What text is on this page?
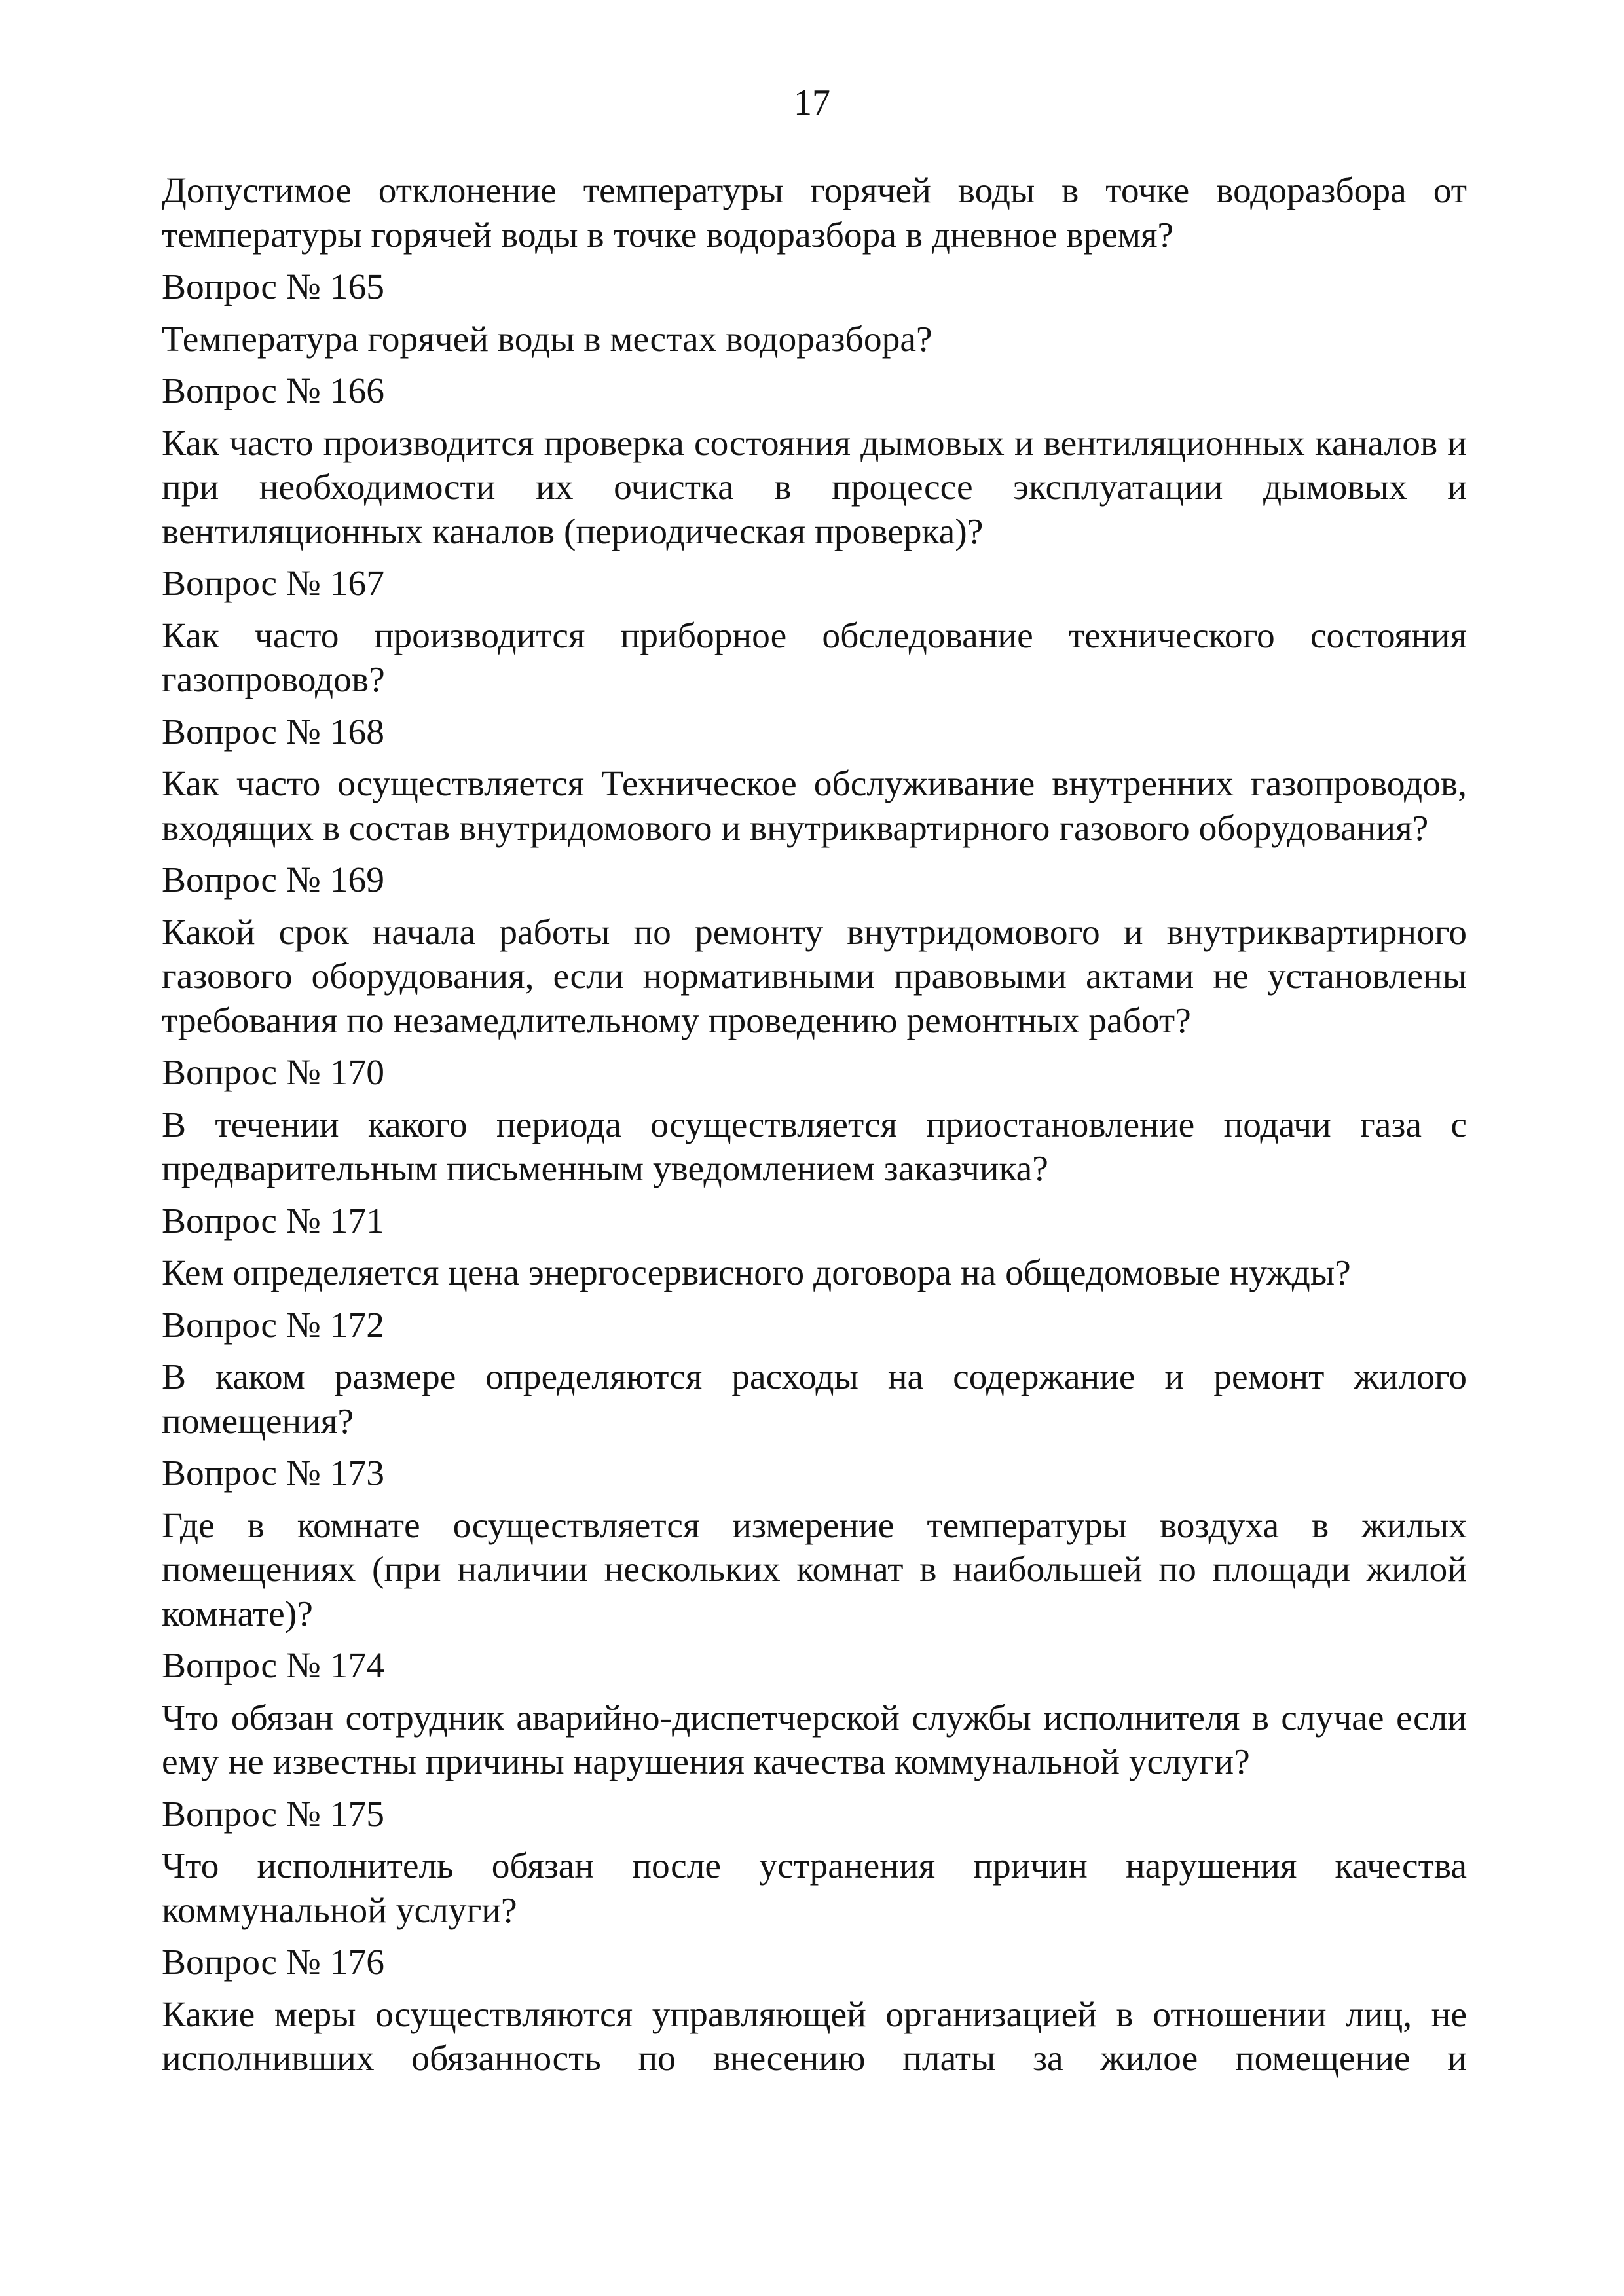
17
Допустимое отклонение температуры горячей воды в точке водоразбора от температуры горячей воды в точке водоразбора в дневное время?
Вопрос № 165
Температура горячей воды в местах водоразбора?
Вопрос № 166
Как часто производится проверка состояния дымовых и вентиляционных каналов и при необходимости их очистка в процессе эксплуатации дымовых и вентиляционных каналов (периодическая проверка)?
Вопрос № 167
Как часто производится приборное обследование технического состояния газопроводов?
Вопрос № 168
Как часто осуществляется Техническое обслуживание внутренних газопроводов, входящих в состав внутридомового и внутриквартирного газового оборудования?
Вопрос № 169
Какой срок начала работы по ремонту внутридомового и внутриквартирного газового оборудования, если нормативными правовыми актами не установлены требования по незамедлительному проведению ремонтных работ?
Вопрос № 170
В течении какого периода осуществляется приостановление подачи газа с предварительным письменным уведомлением заказчика?
Вопрос № 171
Кем определяется цена энергосервисного договора на общедомовые нужды?
Вопрос № 172
В каком размере определяются расходы на содержание и ремонт жилого помещения?
Вопрос № 173
Где в комнате осуществляется измерение температуры воздуха в жилых помещениях (при наличии нескольких комнат в наибольшей по площади жилой комнате)?
Вопрос № 174
Что обязан сотрудник аварийно-диспетчерской службы исполнителя в случае если ему не известны причины нарушения качества коммунальной услуги?
Вопрос № 175
Что исполнитель обязан после устранения причин нарушения качества коммунальной услуги?
Вопрос № 176
Какие меры осуществляются управляющей организацией в отношении лиц, не исполнивших обязанность по внесению платы за жилое помещение и
